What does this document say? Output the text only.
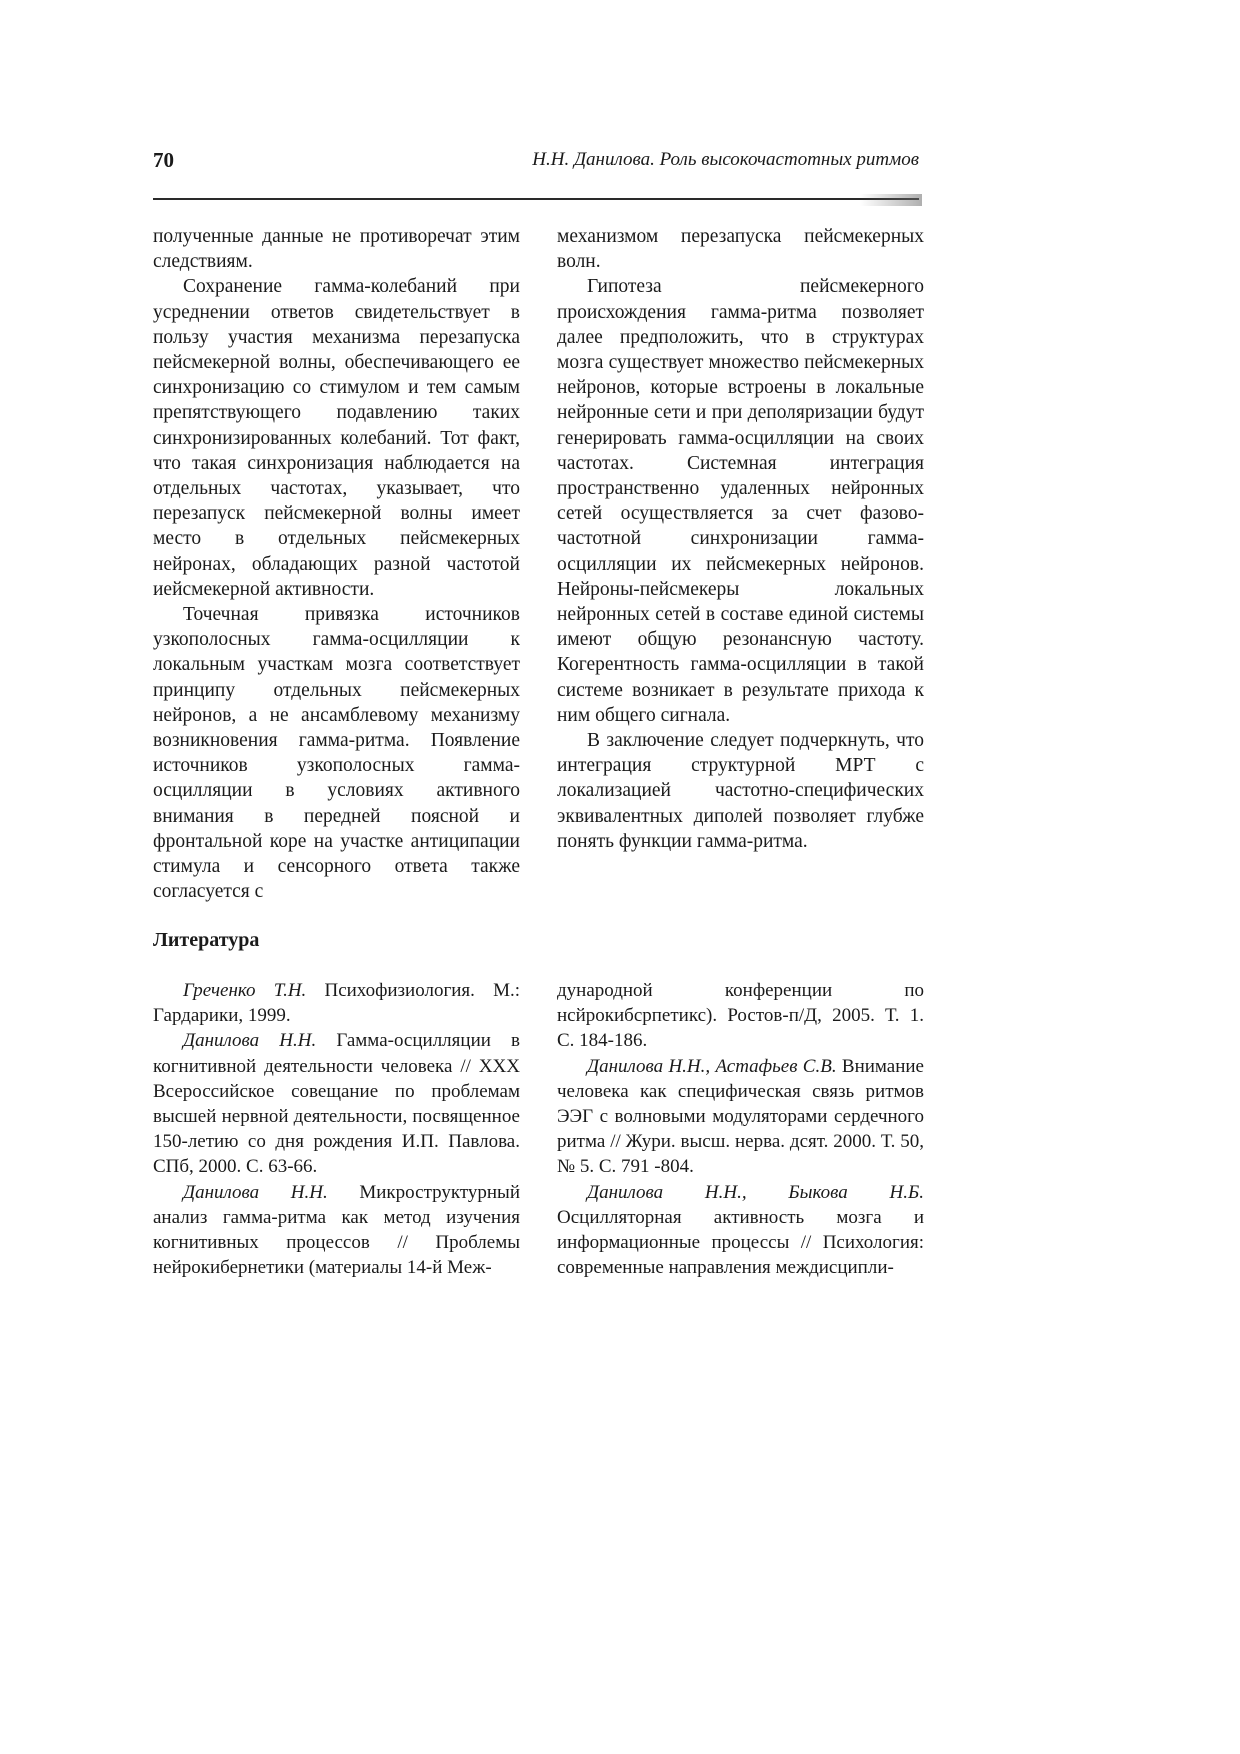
70	Н.Н. Данилова. Роль высокочастотных ритмов

полученные данные не противоречат этим следствиям.

Сохранение гамма-колебаний при усреднении ответов свидетельствует в пользу участия механизма перезапуска пейсмекерной волны, обеспечивающего ее синхронизацию со стимулом и тем самым препятствующего подавлению таких синхронизированных колебаний. Тот факт, что такая синхронизация наблюдается на отдельных частотах, указывает, что перезапуск пейсмекерной волны имеет место в отдельных пейсмекерных нейронах, обладающих разной частотой иейсмекерной активности.

Точечная привязка источников узкополосных гамма-осцилляции к локальным участкам мозга соответствует принципу отдельных пейсмекерных нейронов, а не ансамблевому механизму возникновения гамма-ритма. Появление источников узкополосных гамма-осцилляции в условиях активного внимания в передней поясной и фронтальной коре на участке антиципации стимула и сенсорного ответа также согласуется с

механизмом перезапуска пейсмекерных волн.

Гипотеза пейсмекерного происхождения гамма-ритма позволяет далее предположить, что в структурах мозга существует множество пейсмекерных нейронов, которые встроены в локальные нейронные сети и при деполяризации будут генерировать гамма-осцилляции на своих частотах. Системная интеграция пространственно удаленных нейронных сетей осуществляется за счет фазово-частотной синхронизации гамма-осцилляции их пейсмекерных нейронов. Нейроны-пейсмекеры локальных нейронных сетей в составе единой системы имеют общую резонансную частоту. Когерентность гамма-осцилляции в такой системе возникает в результате прихода к ним общего сигнала.

В заключение следует подчеркнуть, что интеграция структурной МРТ с локализацией частотно-специфических эквивалентных диполей позволяет глубже понять функции гамма-ритма.

Литература

Греченко Т.Н. Психофизиология. М.: Гардарики, 1999.

Данилова Н.Н. Гамма-осцилляции в когнитивной деятельности человека // XXX Всероссийское совещание по проблемам высшей нервной деятельности, посвященное 150-летию со дня рождения И.П. Павлова. СПб, 2000. С. 63-66.

Данилова Н.Н. Микроструктурный анализ гамма-ритма как метод изучения когнитивных процессов // Проблемы нейрокибернетики (материалы 14-й Меж-

дународной конференции по нсйрокибсрпетикс). Ростов-п/Д, 2005. Т. 1. С. 184-186.

Данилова Н.Н., Астафьев С.В. Внимание человека как специфическая связь ритмов ЭЭГ с волновыми модуляторами сердечного ритма // Жури. высш. нерва. дсят. 2000. Т. 50, № 5. С. 791 -804.

Данилова Н.Н., Быкова Н.Б. Осцилляторная активность мозга и информационные процессы // Психология: современные направления междисципли-
